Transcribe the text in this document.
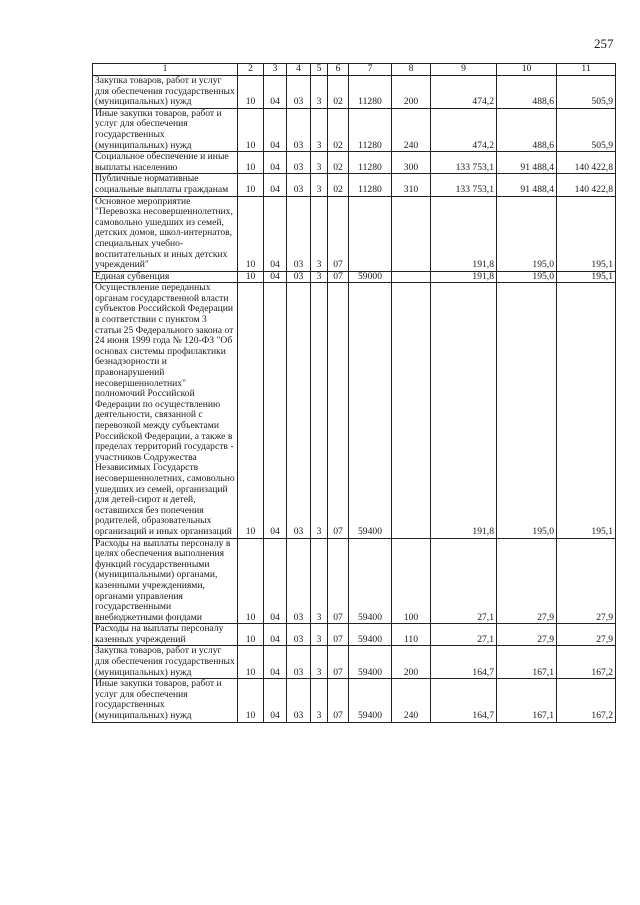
257
1	2	3	4	5	6	7	8	9	10	11
Закупка товаров, работ и услуг для обеспечения государственных (муниципальных) нужд	10	04	03	3	02	11280	200	474,2	488,6	505,9
Иные закупки товаров, работ и услуг для обеспечения государственных (муниципальных) нужд	10	04	03	3	02	11280	240	474,2	488,6	505,9
Социальное обеспечение и иные выплаты населению	10	04	03	3	02	11280	300	133 753,1	91 488,4	140 422,8
Публичные нормативные социальные выплаты гражданам	10	04	03	3	02	11280	310	133 753,1	91 488,4	140 422,8
Основное мероприятие "Перевозка несовершеннолетних, самовольно ушедших из семей, детских домов, школ-интернатов, специальных учебно-воспитательных и иных детских учреждений"	10	04	03	3	07			191,8	195,0	195,1
Единая субвенция	10	04	03	3	07	59000		191,8	195,0	195,1
Осуществление переданных органам государственной власти субъектов Российской Федерации в соответствии с пунктом 3 статьи 25 Федерального закона от 24 июня 1999 года № 120-ФЗ "Об основах системы профилактики безнадзорности и правонарушений несовершеннолетних" полномочий Российской Федерации по осуществлению деятельности, связанной с перевозкой между субъектами Российской Федерации, а также в пределах территорий государств - участников Содружества Независимых Государств несовершеннолетних, самовольно ушедших из семей, организаций для детей-сирот и детей, оставшихся без попечения родителей, образовательных организаций и иных организаций	10	04	03	3	07	59400		191,8	195,0	195,1
Расходы на выплаты персоналу в целях обеспечения выполнения функций государственными (муниципальными) органами, казенными учреждениями, органами управления государственными внебюджетными фондами	10	04	03	3	07	59400	100	27,1	27,9	27,9
Расходы на выплаты персоналу казенных учреждений	10	04	03	3	07	59400	110	27,1	27,9	27,9
Закупка товаров, работ и услуг для обеспечения государственных (муниципальных) нужд	10	04	03	3	07	59400	200	164,7	167,1	167,2
Иные закупки товаров, работ и услуг для обеспечения государственных (муниципальных) нужд	10	04	03	3	07	59400	240	164,7	167,1	167,2
